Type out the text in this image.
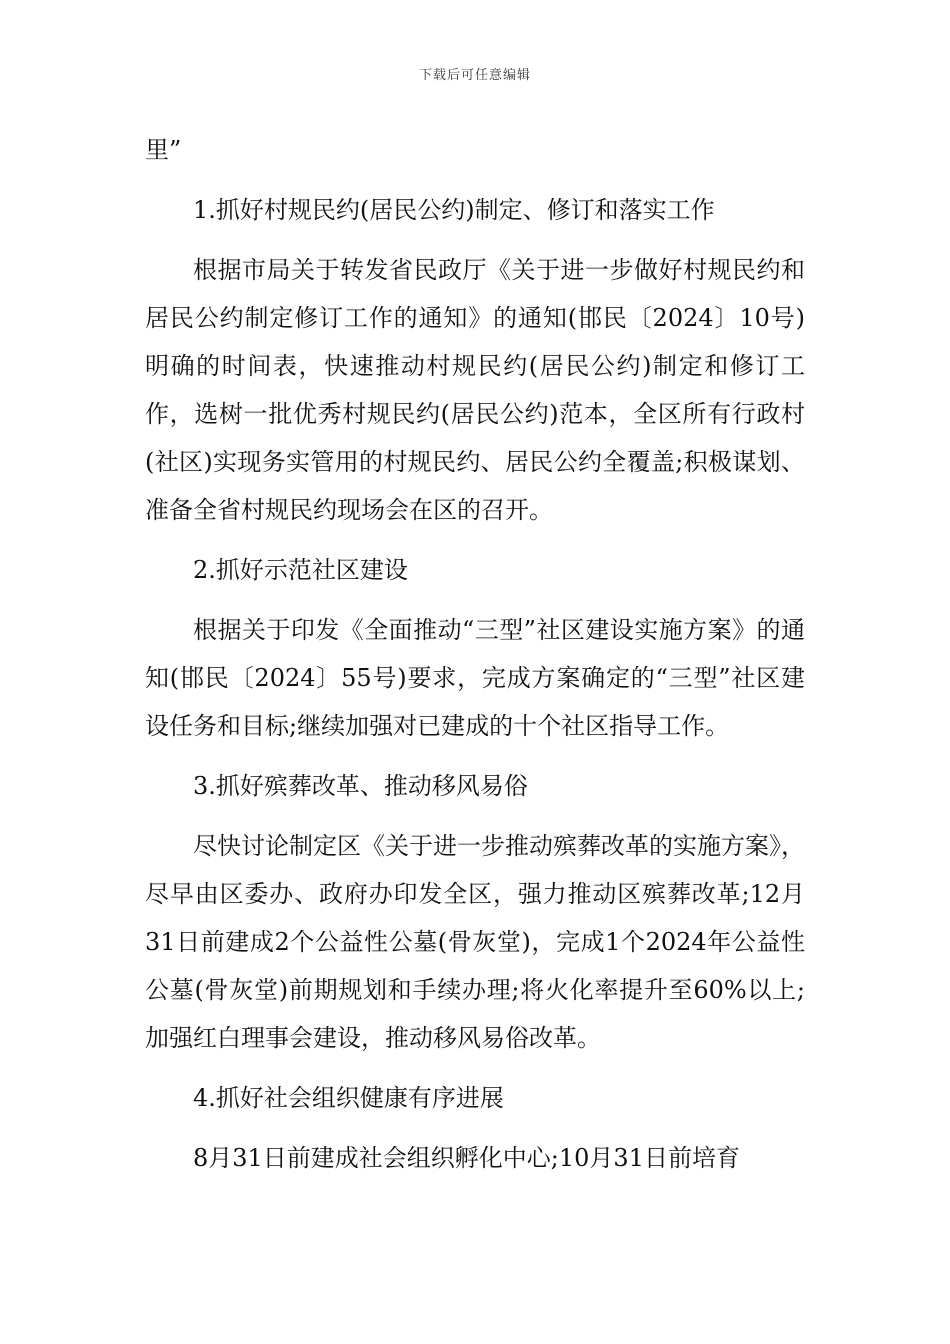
下载后可任意编辑

里”

1.抓好村规民约(居民公约)制定、修订和落实工作

根据市局关于转发省民政厅《关于进一步做好村规民约和居民公约制定修订工作的通知》的通知(邯民〔2024〕10号)明确的时间表，快速推动村规民约(居民公约)制定和修订工作，选树一批优秀村规民约(居民公约)范本，全区所有行政村(社区)实现务实管用的村规民约、居民公约全覆盖;积极谋划、准备全省村规民约现场会在区的召开。

2.抓好示范社区建设

根据关于印发《全面推动“三型”社区建设实施方案》的通知(邯民〔2024〕55号)要求，完成方案确定的“三型”社区建设任务和目标;继续加强对已建成的十个社区指导工作。

3.抓好殡葬改革、推动移风易俗

尽快讨论制定区《关于进一步推动殡葬改革的实施方案》，尽早由区委办、政府办印发全区，强力推动区殡葬改革;12月31日前建成2个公益性公墓(骨灰堂)，完成1个2024年公益性公墓(骨灰堂)前期规划和手续办理;将火化率提升至60%以上;加强红白理事会建设，推动移风易俗改革。

4.抓好社会组织健康有序进展

8月31日前建成社会组织孵化中心;10月31日前培育
